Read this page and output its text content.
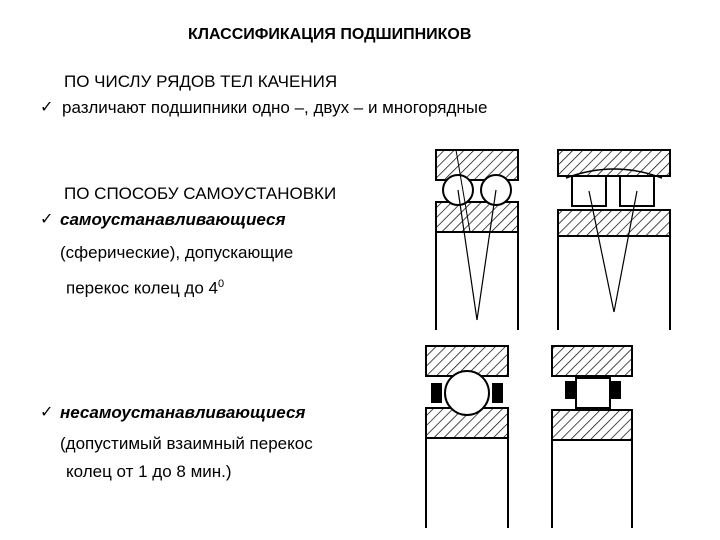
КЛАССИФИКАЦИЯ ПОДШИПНИКОВ
ПО ЧИСЛУ РЯДОВ ТЕЛ КАЧЕНИЯ
✓ различают подшипники одно –, двух – и многорядные
ПО СПОСОБУ САМОУСТАНОВКИ
✓ самоустанавливающиеся
(сферические), допускающие
перекос колец до $4^0$
✓ несамоустанавливающиеся
(допустимый взаимный перекос
колец от 1 до 8 мин.)
